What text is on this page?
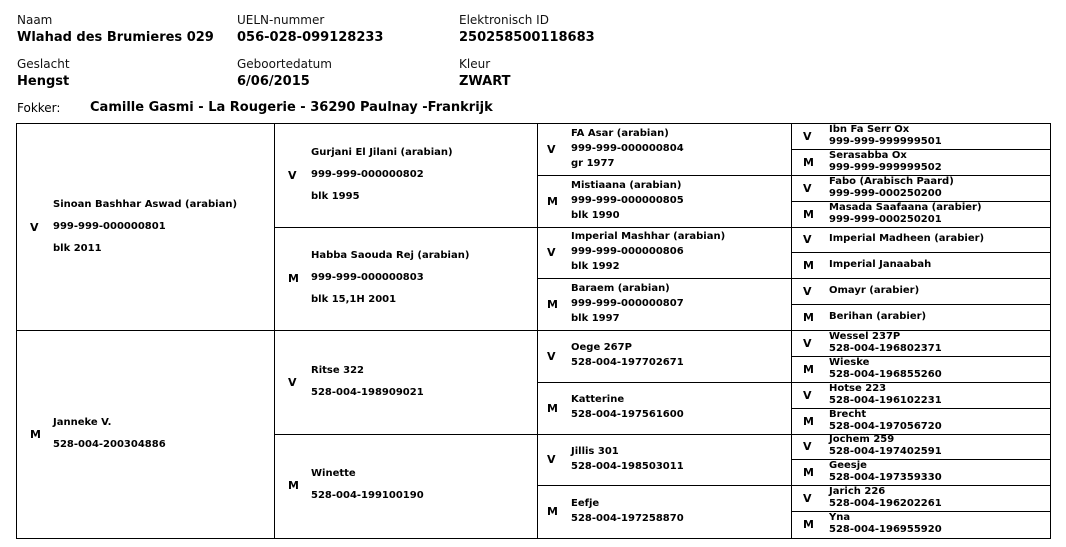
Naam
Wlahad des Brumieres 029
UELN-nummer
056-028-099128233
Elektronisch ID
250258500118683
Geslacht
Hengst
Geboortedatum
6/06/2015
Kleur
ZWART
Fokker: Camille Gasmi - La Rougerie - 36290 Paulnay -Frankrijk
V
Sinoan Bashhar Aswad (arabian)
999-999-000000801
blk 2011
M
Janneke V.
528-004-200304886
V
Gurjani El Jilani (arabian)
999-999-000000802
blk 1995
M
Habba Saouda Rej (arabian)
999-999-000000803
blk 15,1H 2001
V
Ritse 322
528-004-198909021
M
Winette
528-004-199100190
V
FA Asar (arabian)
999-999-000000804
gr 1977
M
Mistiaana (arabian)
999-999-000000805
blk 1990
V
Imperial Mashhar (arabian)
999-999-000000806
blk 1992
M
Baraem (arabian)
999-999-000000807
blk 1997
V
Oege 267P
528-004-197702671
M
Katterine
528-004-197561600
V
Jillis 301
528-004-198503011
M
Eefje
528-004-197258870
V
Ibn Fa Serr Ox
999-999-999999501
M
Serasabba Ox
999-999-999999502
V
Fabo (Arabisch Paard)
999-999-000250200
M
Masada Saafaana (arabier)
999-999-000250201
V Imperial Madheen (arabier)
M Imperial Janaabah
V Omayr (arabier)
M Berihan (arabier)
V
Wessel 237P
528-004-196802371
M
Wieske
528-004-196855260
V
Hotse 223
528-004-196102231
M
Brecht
528-004-197056720
V
Jochem 259
528-004-197402591
M
Geesje
528-004-197359330
V
Jarich 226
528-004-196202261
M
Yna
528-004-196955920
